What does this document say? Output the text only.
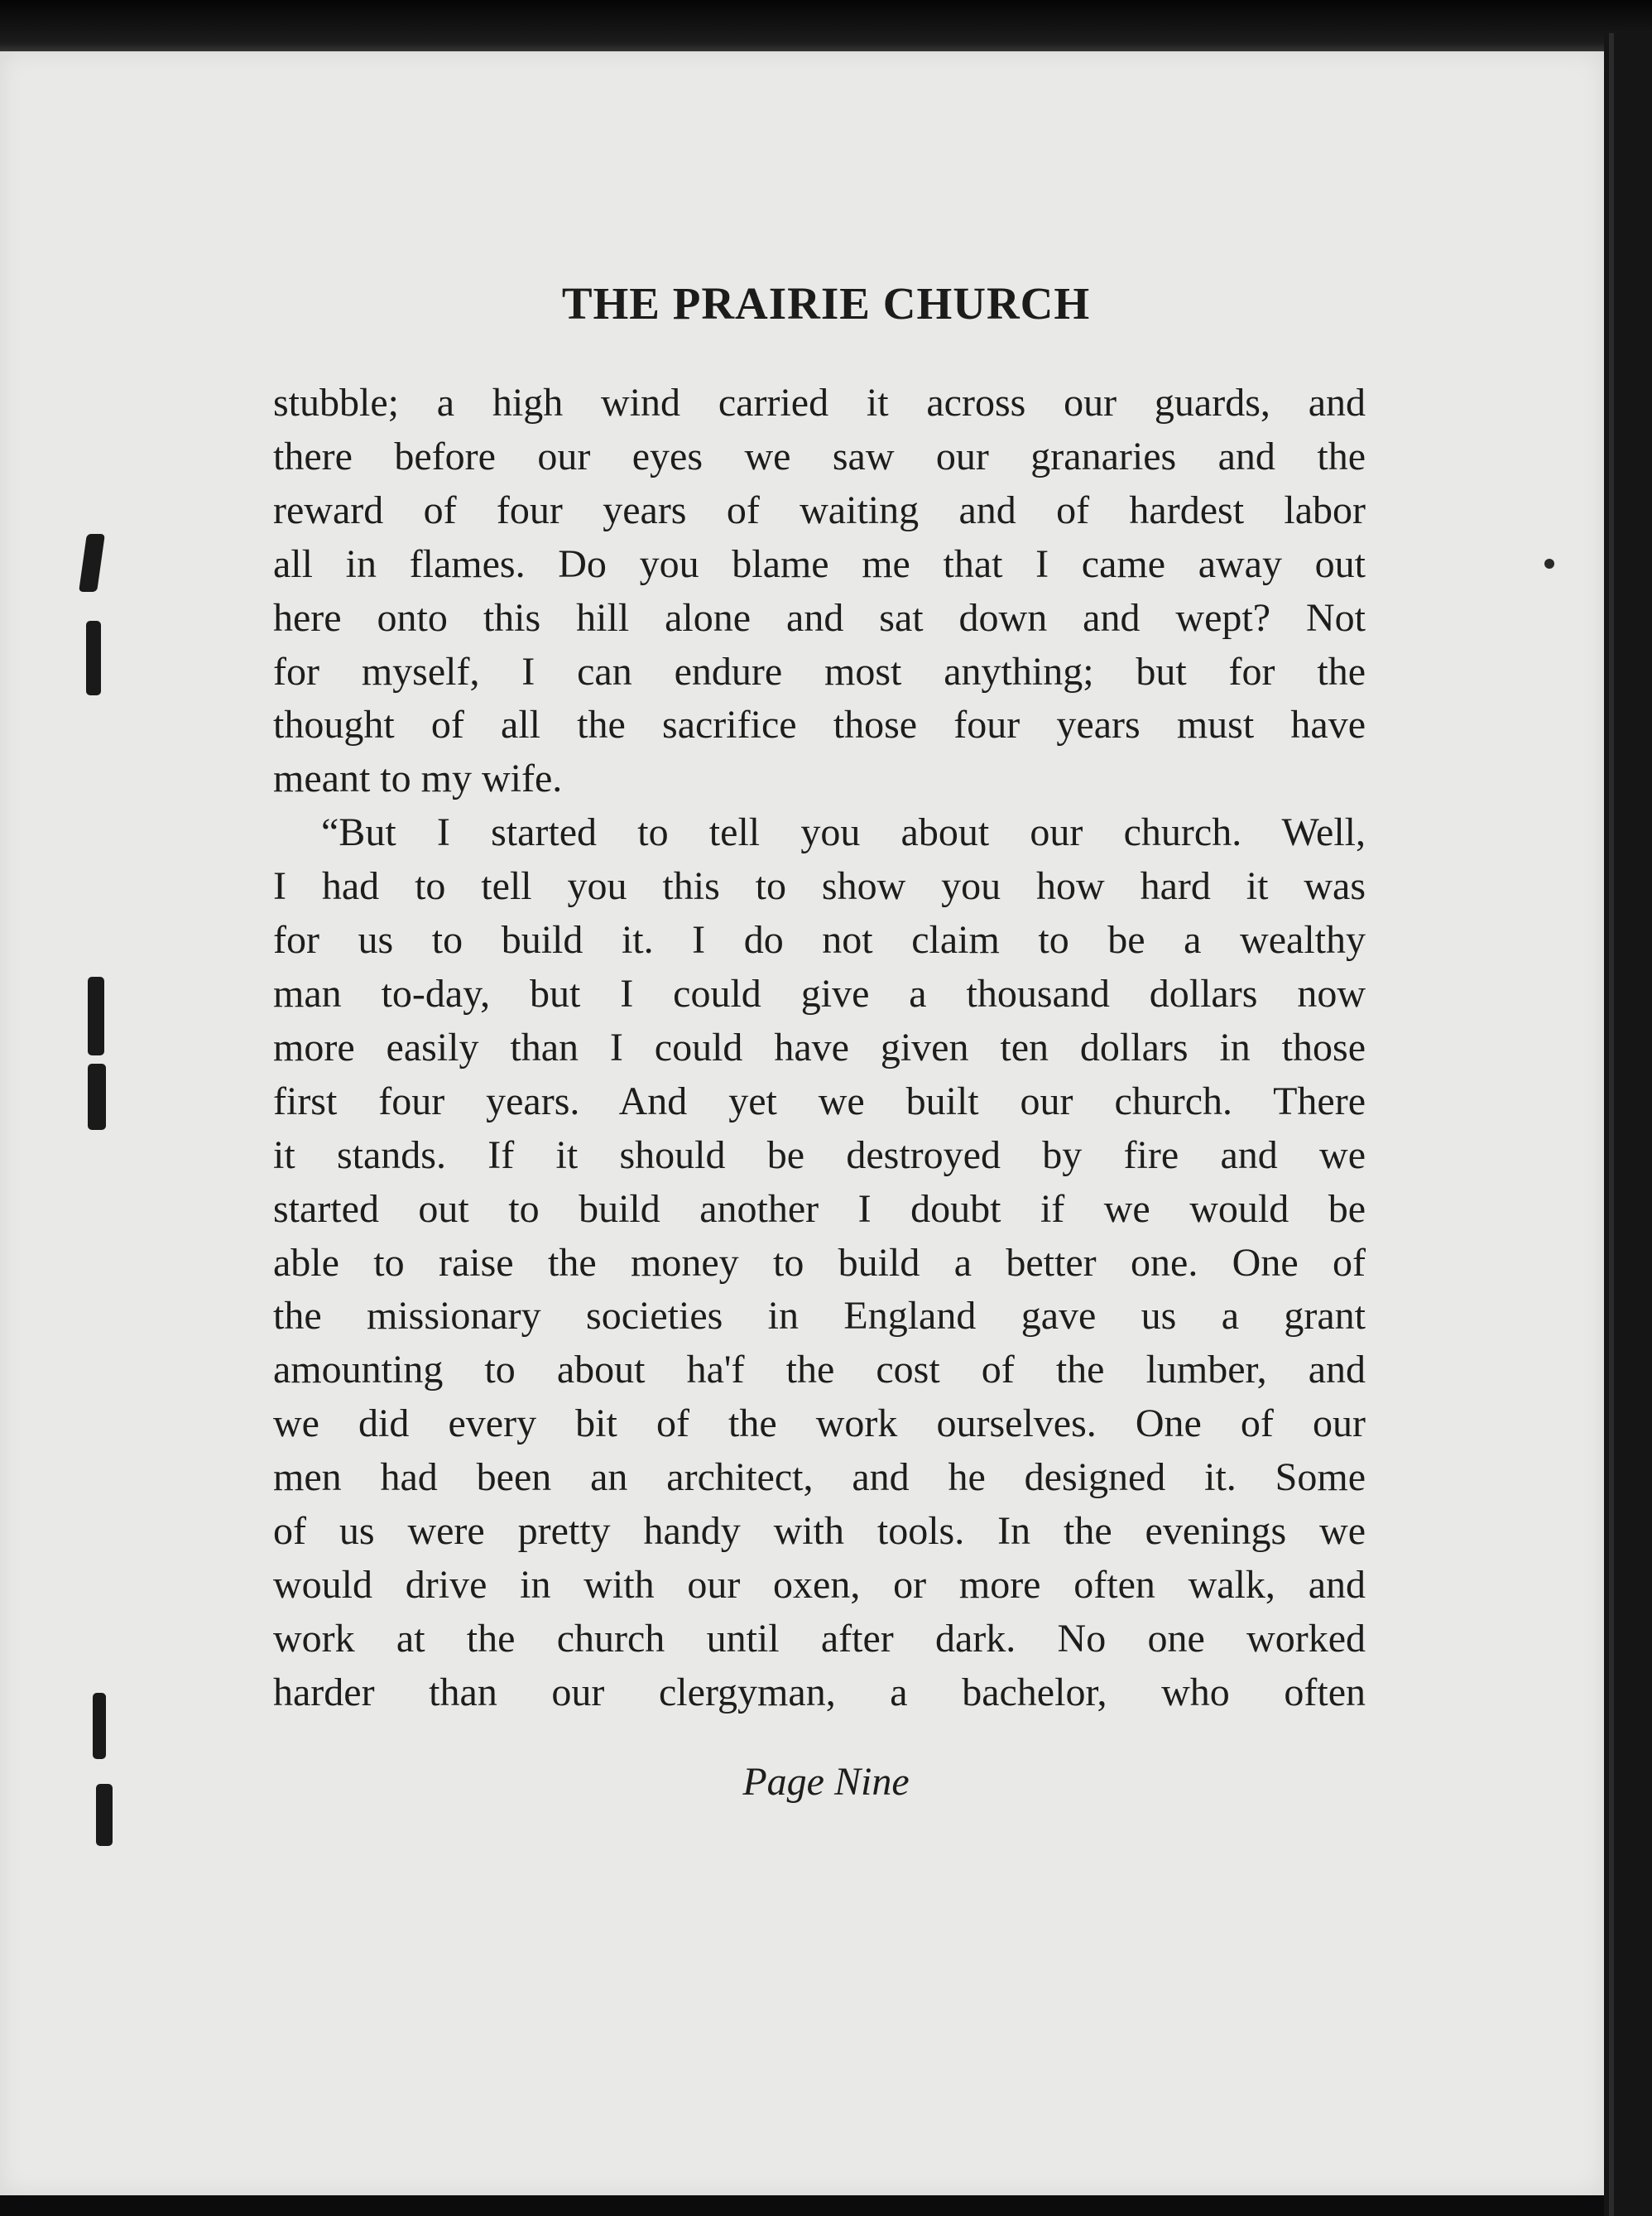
THE PRAIRIE CHURCH
stubble; a high wind carried it across our guards, and
there before our eyes we saw our granaries and the
reward of four years of waiting and of hardest labor
all in flames. Do you blame me that I came away out
here onto this hill alone and sat down and wept? Not
for myself, I can endure most anything; but for the
thought of all the sacrifice those four years must have
meant to my wife.
“But I started to tell you about our church. Well,
I had to tell you this to show you how hard it was
for us to build it. I do not claim to be a wealthy
man to-day, but I could give a thousand dollars now
more easily than I could have given ten dollars in those
first four years. And yet we built our church. There
it stands. If it should be destroyed by fire and we
started out to build another I doubt if we would be
able to raise the money to build a better one. One of
the missionary societies in England gave us a grant
amounting to about ha'f the cost of the lumber, and
we did every bit of the work ourselves. One of our
men had been an architect, and he designed it. Some
of us were pretty handy with tools. In the evenings we
would drive in with our oxen, or more often walk, and
work at the church until after dark. No one worked
harder than our clergyman, a bachelor, who often

Page Nine
